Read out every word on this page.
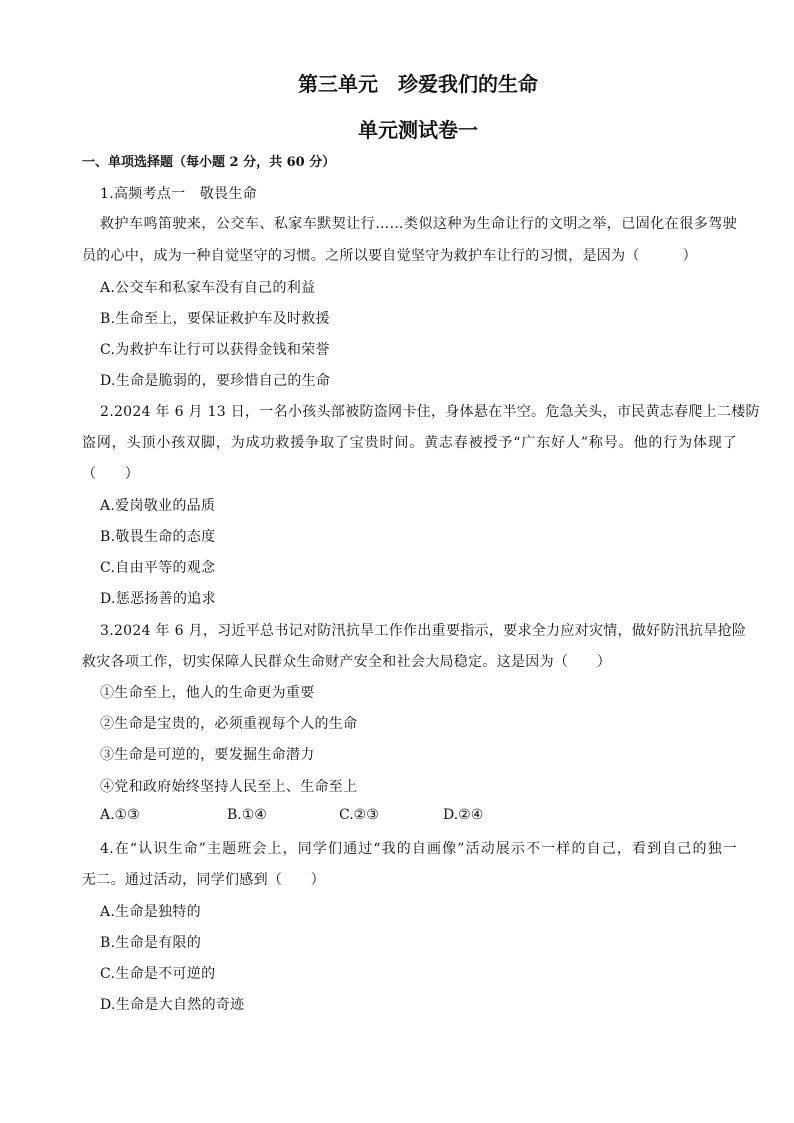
第三单元　珍爱我们的生命
单元测试卷一
一、单项选择题（每小题 2 分，共 60 分）
1.高频考点一　敬畏生命
救护车鸣笛驶来，公交车、私家车默契让行……类似这种为生命让行的文明之举，已固化在很多驾驶
员的心中，成为一种自觉坚守的习惯。之所以要自觉坚守为救护车让行的习惯，是因为（　　　）
A.公交车和私家车没有自己的利益
B.生命至上，要保证救护车及时救援
C.为救护车让行可以获得金钱和荣誉
D.生命是脆弱的，要珍惜自己的生命
2.2024 年 6 月 13 日，一名小孩头部被防盗网卡住，身体悬在半空。危急关头，市民黄志春爬上二楼防
盗网，头顶小孩双脚，为成功救援争取了宝贵时间。黄志春被授予“广东好人”称号。他的行为体现了
（　　）
A.爱岗敬业的品质
B.敬畏生命的态度
C.自由平等的观念
D.惩恶扬善的追求
3.2024 年 6 月，习近平总书记对防汛抗旱工作作出重要指示，要求全力应对灾情，做好防汛抗旱抢险
救灾各项工作，切实保障人民群众生命财产安全和社会大局稳定。这是因为（　　）
①生命至上，他人的生命更为重要
②生命是宝贵的，必须重视每个人的生命
③生命是可逆的，要发掘生命潜力
④党和政府始终坚持人民至上、生命至上
A.①③	B.①④	C.②③	D.②④
4.在“认识生命”主题班会上，同学们通过“我的自画像”活动展示不一样的自己，看到自己的独一
无二。通过活动，同学们感到（　　）
A.生命是独特的
B.生命是有限的
C.生命是不可逆的
D.生命是大自然的奇迹
